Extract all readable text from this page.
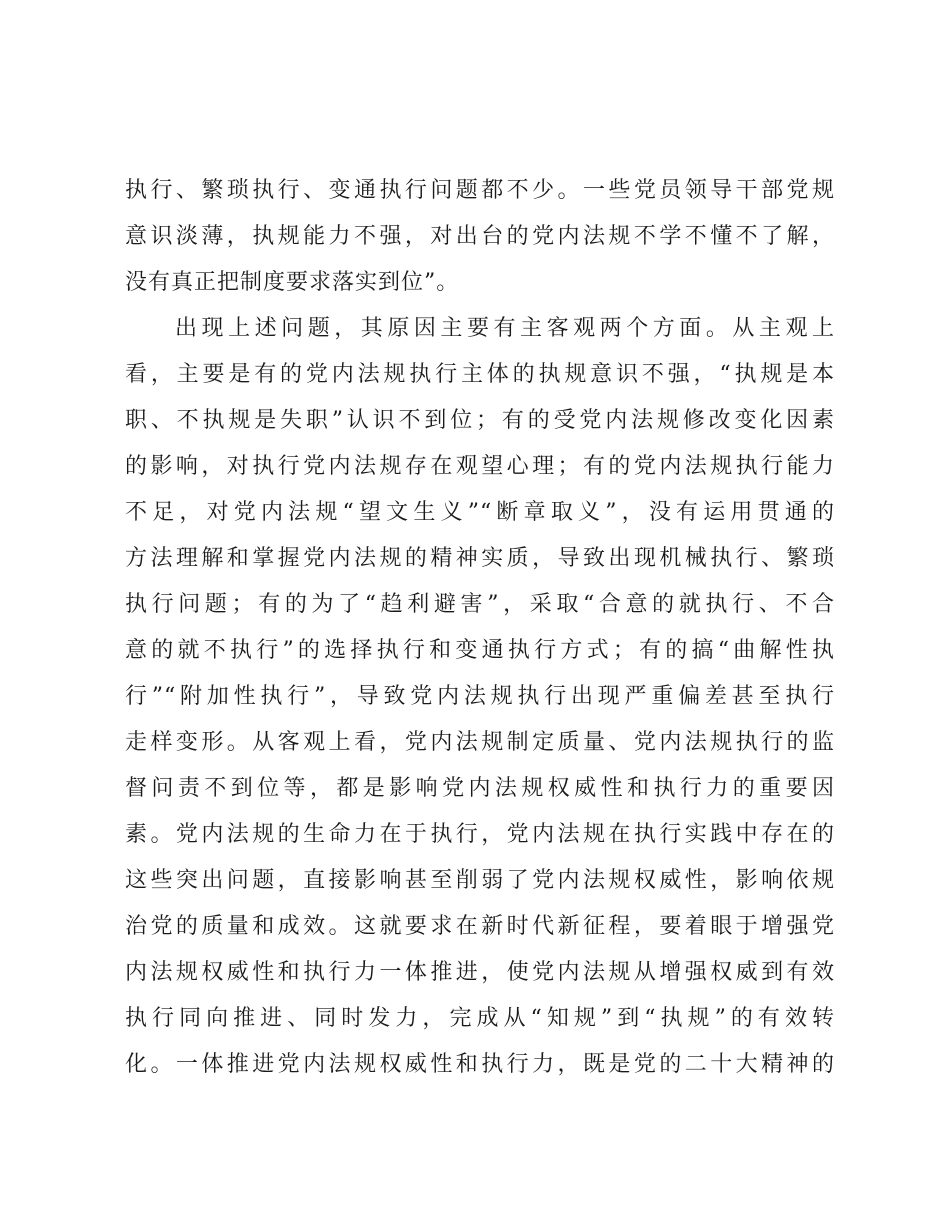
执行、繁琐执行、变通执行问题都不少。一些党员领导干部党规
意识淡薄，执规能力不强，对出台的党内法规不学不懂不了解，
没有真正把制度要求落实到位”。

出现上述问题，其原因主要有主客观两个方面。从主观上
看，主要是有的党内法规执行主体的执规意识不强，“执规是本
职、不执规是失职”认识不到位；有的受党内法规修改变化因素
的影响，对执行党内法规存在观望心理；有的党内法规执行能力
不足，对党内法规“望文生义”“断章取义”，没有运用贯通的
方法理解和掌握党内法规的精神实质，导致出现机械执行、繁琐
执行问题；有的为了“趋利避害”，采取“合意的就执行、不合
意的就不执行”的选择执行和变通执行方式；有的搞“曲解性执
行”“附加性执行”，导致党内法规执行出现严重偏差甚至执行
走样变形。从客观上看，党内法规制定质量、党内法规执行的监
督问责不到位等，都是影响党内法规权威性和执行力的重要因
素。党内法规的生命力在于执行，党内法规在执行实践中存在的
这些突出问题，直接影响甚至削弱了党内法规权威性，影响依规
治党的质量和成效。这就要求在新时代新征程，要着眼于增强党
内法规权威性和执行力一体推进，使党内法规从增强权威到有效
执行同向推进、同时发力，完成从“知规”到“执规”的有效转
化。一体推进党内法规权威性和执行力，既是党的二十大精神的
